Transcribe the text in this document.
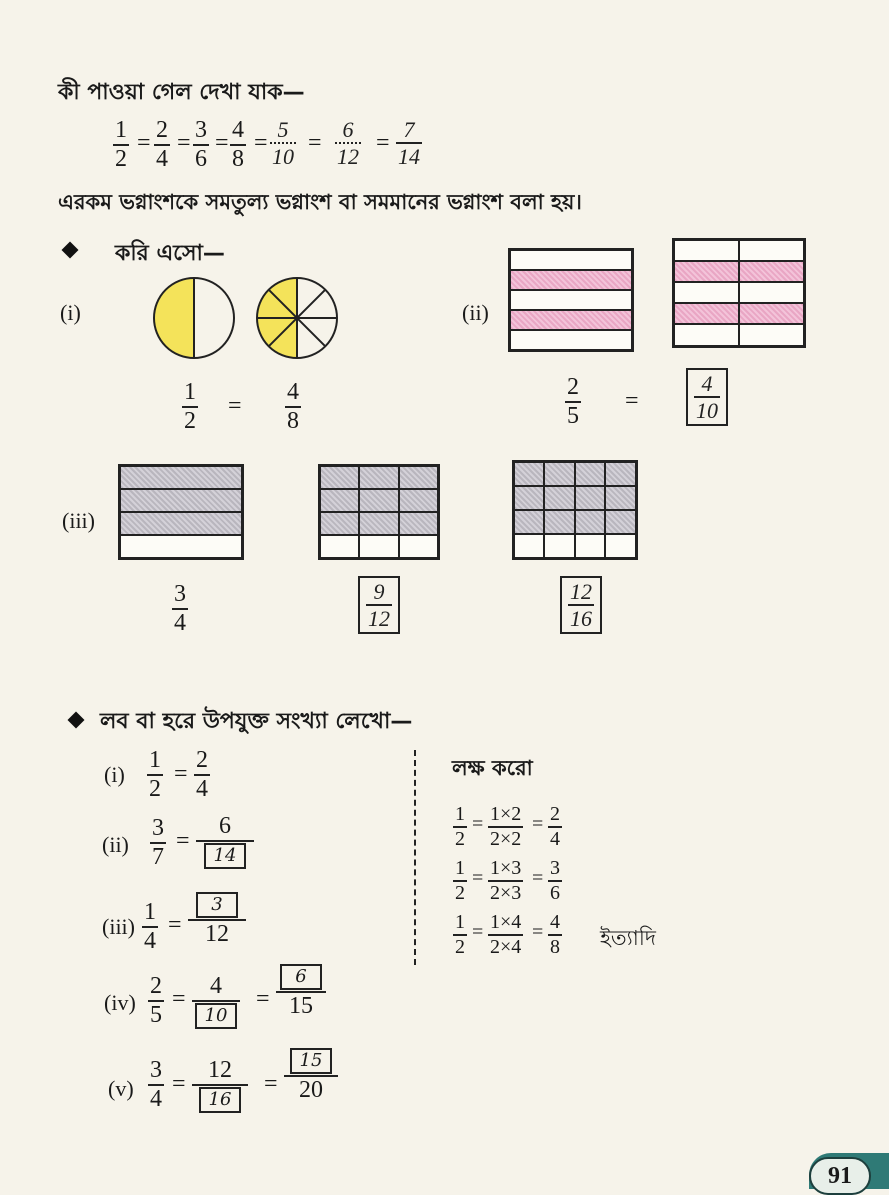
কী পাওয়া গেল দেখা যাক—
1
2
= 2
4
= 3
6
= 4
8
=
5
10
=
6
12
=
7
14
এরকম ভগ্নাংশকে সমতুল্য ভগ্নাংশ বা সমমানের ভগ্নাংশ বলা হয়।
করি এসো—
(i)
1
2
=
4
8
(ii)
2
5
=	$\frac{4}{10}$
(iii)
3
4	$\frac{9}{12}$	$\frac{12}{16}$
লব বা হরে উপযুক্ত সংখ্যা লেখো—
(i)
1
2
=
2
4
(ii)
3
7
=
6
14
(iii)
1
4
=
3
12
(iv)
2
5
= 4
10
=
6
15
(v)
3
4
=
12
16
=
15
20
লক্ষ করো
1
2
= 1×2
2×2
= 2
4
1
2
= 1×3
2×3
= 3
6
1
2
= 1×4
2×4
= 4
8 ইত্যাদি
91
